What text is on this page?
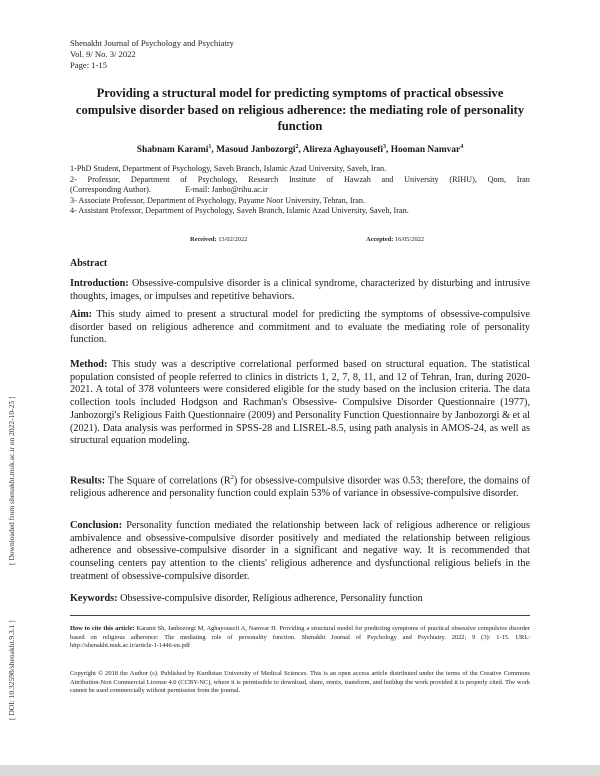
[ Downloaded from shenakht.muk.ac.ir on 2022-10-25 ]
[ DOI: 10.32598/shenakht.9.3.1 ]
Shenakht Journal of Psychology and Psychiatry
Vol. 9/ No. 3/ 2022
Page: 1-15
Providing a structural model for predicting symptoms of practical obsessive compulsive disorder based on religious adherence: the mediating role of personality function
Shabnam Karami$^1$, Masoud Janbozorgi$^2$, Alireza Aghayousefi$^3$, Hooman Namvar$^4$
1-PhD Student, Department of Psychology, Saveh Branch, Islamic Azad University, Saveh, Iran.
2- Professor, Department of Psychology, Research Institute of Hawzah and University (RIHU), Qom, Iran
(Corresponding Author).	E-mail: Janbo@rihu.ac.ir
3- Associate Professor, Department of Psychology, Payame Noor University, Tehran, Iran.
4- Assistant Professor, Department of Psychology, Saveh Branch, Islamic Azad University, Saveh, Iran.
Received: 13/02/2022	Accepted: 16/05/2022
Abstract
Introduction: Obsessive-compulsive disorder is a clinical syndrome, characterized by disturbing and intrusive thoughts, images, or impulses and repetitive behaviors.
Aim: This study aimed to present a structural model for predicting the symptoms of obsessive-compulsive disorder based on religious adherence and commitment and to evaluate the mediating role of personality function.
Method: This study was a descriptive correlational performed based on structural equation. The statistical population consisted of people referred to clinics in districts 1, 2, 7, 8, 11, and 12 of Tehran, Iran, during 2020-2021. A total of 378 volunteers were considered eligible for the study based on the inclusion criteria. The data collection tools included Hodgson and Rachman's Obsessive- Compulsive Disorder Questionnaire (1977), Janbozorgi's Religious Faith Questionnaire (2009) and Personality Function Questionnaire by Janbozorgi & et al (2021). Data analysis was performed in SPSS-28 and LISREL-8.5, using path analysis in AMOS-24, as well as structural equation modeling.
Results: The Square of correlations $(R^2)$ for obsessive-compulsive disorder was 0.53; therefore, the domains of religious adherence and personality function could explain 53% of variance in obsessive-compulsive disorder.
Conclusion: Personality function mediated the relationship between lack of religious adherence or religious ambivalence and obsessive-compulsive disorder positively and mediated the relationship between religious adherence and obsessive-compulsive disorder in a significant and negative way. It is recommended that counseling centers pay attention to the clients' religious adherence and dysfunctional religious beliefs in the treatment of obsessive-compulsive disorder.
Keywords: Obsessive-compulsive disorder, Religious adherence, Personality function
How to cite this article: Karami Sh, Janbozorgi M, Aghayousefi A, Namvar H. Providing a structural model for predicting symptoms of practical obsessive compulsive disorder based on religious adherence: The mediating role of personality function. Shenakht Journal of Psychology and Psychiatry. 2022; 9 (3): 1-15. URL: http://shenakht.muk.ac.ir/article-1-1446-en.pdf
Copyright © 2018 the Author (s). Published by Kurdistan University of Medical Sciences. This is an open access article distributed under the terms of the Creative Commons Attribution-Non Commercial License 4.0 (CCBY-NC), where it is permissible to download, share, remix, transform, and buildup the work provided it is properly cited. The work cannot be used commercially without permission from the journal.
